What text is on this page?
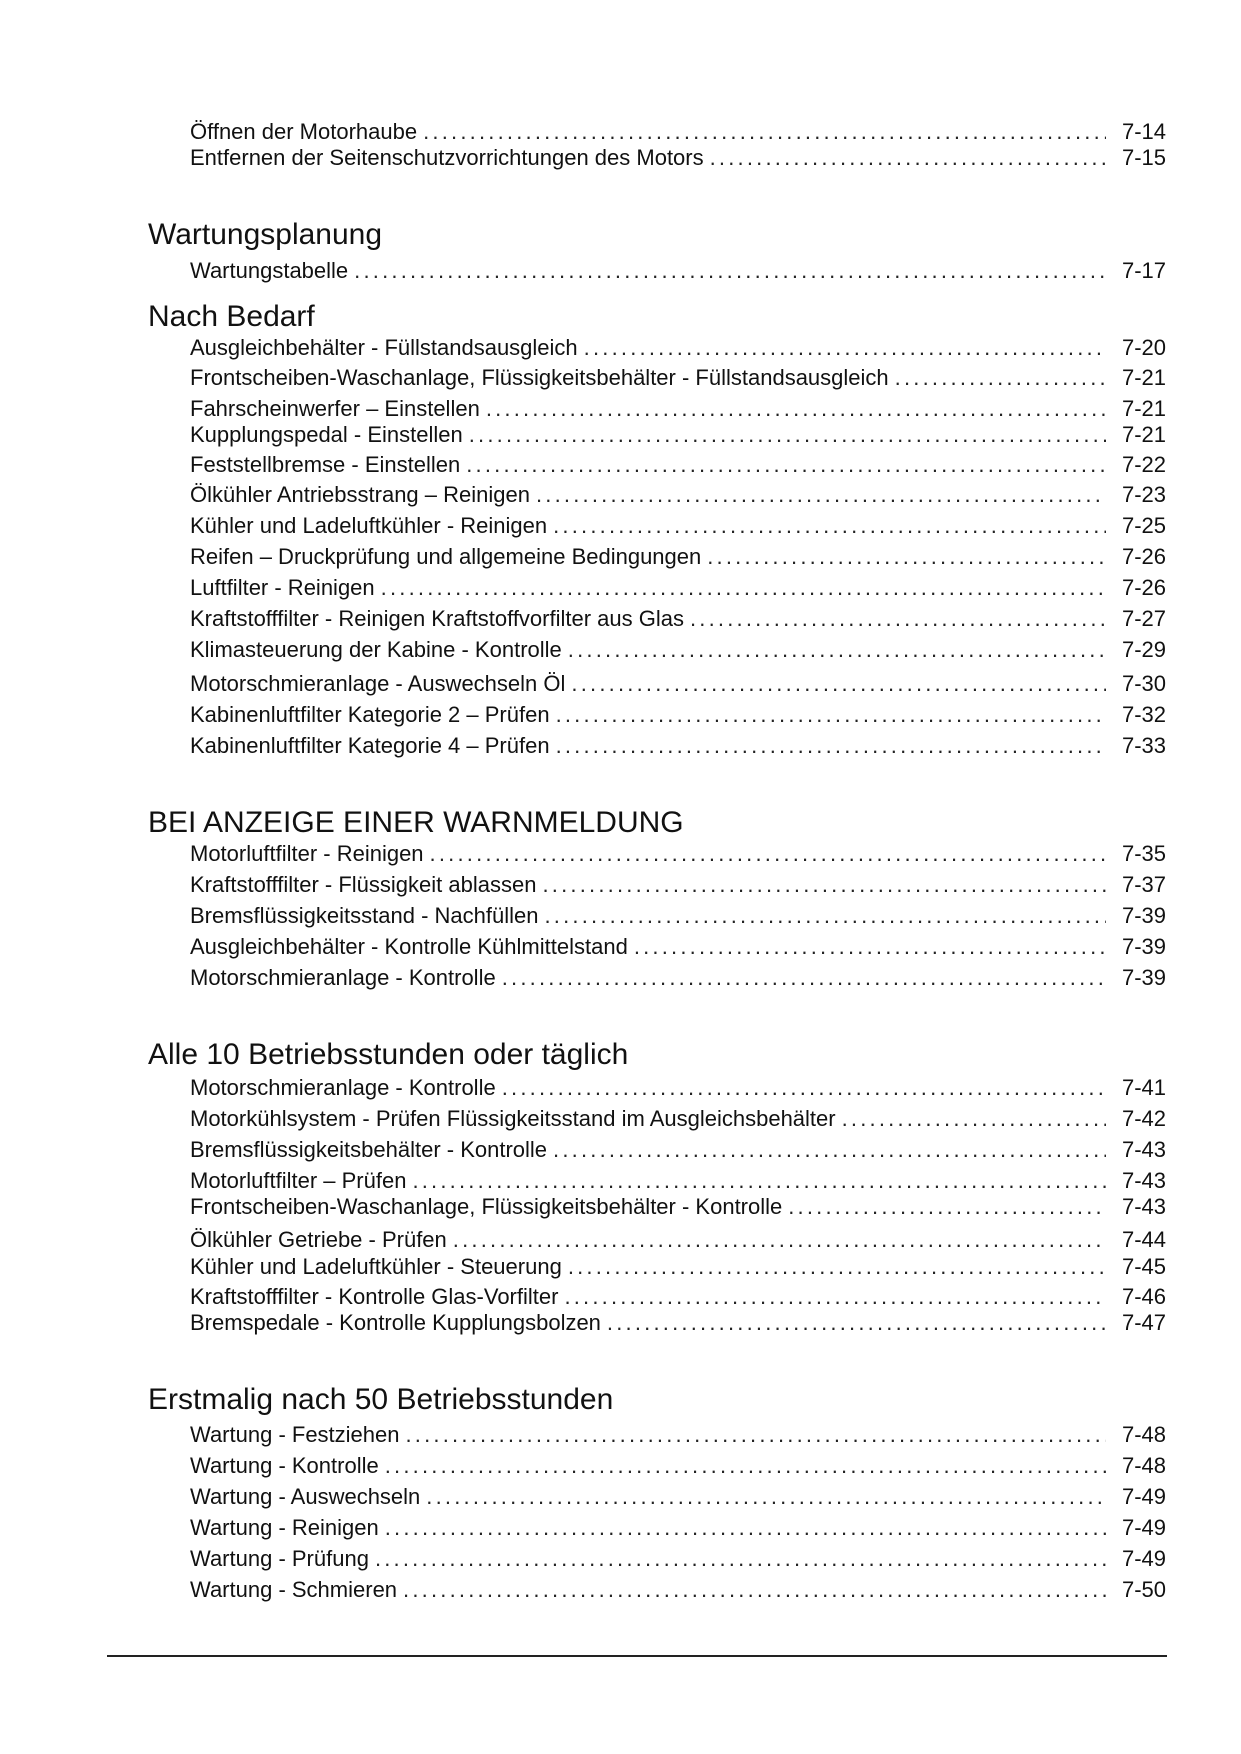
Öffnen der Motorhaube .....	7-14
Entfernen der Seitenschutzvorrichtungen des Motors .....	7-15
Wartungsplanung
Wartungstabelle .....	7-17
Nach Bedarf
Ausgleichbehälter - Füllstandsausgleich .....	7-20
Frontscheiben-Waschanlage, Flüssigkeitsbehälter - Füllstandsausgleich .....	7-21
Fahrscheinwerfer – Einstellen .....	7-21
Kupplungspedal - Einstellen .....	7-21
Feststellbremse - Einstellen .....	7-22
Ölkühler Antriebsstrang – Reinigen .....	7-23
Kühler und Ladeluftkühler - Reinigen .....	7-25
Reifen – Druckprüfung und allgemeine Bedingungen .....	7-26
Luftfilter - Reinigen .....	7-26
Kraftstofffilter - Reinigen Kraftstoffvorfilter aus Glas .....	7-27
Klimasteuerung der Kabine - Kontrolle .....	7-29
Motorschmieranlage - Auswechseln Öl .....	7-30
Kabinenluftfilter Kategorie 2 – Prüfen .....	7-32
Kabinenluftfilter Kategorie 4 – Prüfen .....	7-33
BEI ANZEIGE EINER WARNMELDUNG
Motorluftfilter - Reinigen .....	7-35
Kraftstofffilter - Flüssigkeit ablassen .....	7-37
Bremsflüssigkeitsstand - Nachfüllen .....	7-39
Ausgleichbehälter - Kontrolle Kühlmittelstand .....	7-39
Motorschmieranlage - Kontrolle .....	7-39
Alle 10 Betriebsstunden oder täglich
Motorschmieranlage - Kontrolle .....	7-41
Motorkühlsystem - Prüfen Flüssigkeitsstand im Ausgleichsbehälter .....	7-42
Bremsflüssigkeitsbehälter - Kontrolle .....	7-43
Motorluftfilter – Prüfen .....	7-43
Frontscheiben-Waschanlage, Flüssigkeitsbehälter - Kontrolle .....	7-43
Ölkühler Getriebe - Prüfen .....	7-44
Kühler und Ladeluftkühler - Steuerung .....	7-45
Kraftstofffilter - Kontrolle Glas-Vorfilter .....	7-46
Bremspedale - Kontrolle Kupplungsbolzen .....	7-47
Erstmalig nach 50 Betriebsstunden
Wartung - Festziehen .....	7-48
Wartung - Kontrolle .....	7-48
Wartung - Auswechseln .....	7-49
Wartung - Reinigen .....	7-49
Wartung - Prüfung .....	7-49
Wartung - Schmieren .....	7-50
